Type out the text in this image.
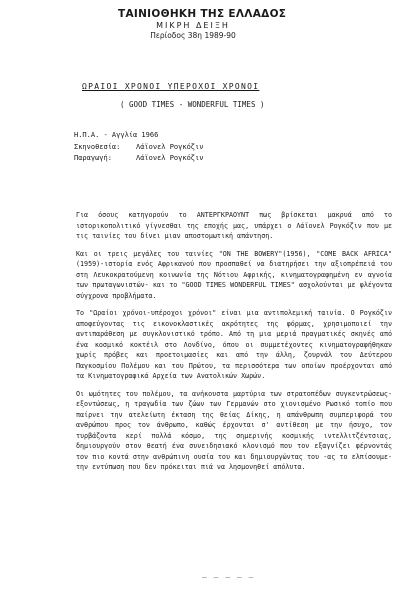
ΤΑΙΝΙΟΘΗΚΗ ΤΗΣ ΕΛΛΑΔΟΣ
ΜΙΚΡΗ ΔΕΙΞΗ
Περίοδος 38η 1989-90
ΩΡΑΙΟΙ ΧΡΟΝΟΙ ΥΠΕΡΟΧΟΙ ΧΡΟΝΟΙ
( GOOD TIMES - WONDERFUL TIMES )
Η.Π.Α. - Αγγλία 1966
Σκηνοθεσία: Λάϊονελ Ρογκόζιν
Παραγωγή:	Λάϊονελ Ρογκόζιν

Για όσους κατηγορούν το ΑΝΤΕΡΓΚΡΑΟΥΝΤ πως βρίσκεται μακρυά από το ιστορικοπολιτικό γίγνεσθαι της εποχής μας, υπάρχει ο Λάϊονελ Ρογκόζιν που με τις ταινίες του δίνει μιαν αποστομωτική απάντηση.

Και οι τρεις μεγάλες του ταινίες "ON THE BOWERY"(1956), "COME BACK AFRICA"(1959)-ιστορία ενός Αφρικανού που προσπαθεί να διατηρήσει την αξιοπρέπειά του στη Λευκοκρατούμενη κοινωνία της Νότιου Αφρικής, κινηματογραφημένη εν αγνοία των πρωταγωνιστών- και το "GOOD TIMES WONDERFUL TIMES" ασχολούνται με φλέγοντα σύγχρονα προβλήματα.

Το "Ωραίοι χρόνοι-υπέροχοι χρόνοι" είναι μια αντιπολεμική ταινία. Ο Ρογκόζιν αποφεύγοντας τις εικονοκλαστικές ακρότητες της φόρμας, χρησιμοποιεί την αντιπαράθεση με συγκλονιστικό τρόπο. Από τη μια μεριά πραγματικές σκηνές από ένα κοσμικό κοκτέιλ στο Λονδίνο, όπου οι συμμετέχοντες κινηματογραφήθηκαν χωρίς πρόβες και προετοιμασίες και από την άλλη, ζουρνάλ του Δεύτερου Παγκοσμίου Πολέμου και του Πρώτου, τα περισσότερα των οποίων προέρχονται από τα Κινηματογραφικά Αρχεία των Ανατολικών Χωρών.

Οι ωμότητες του πολέμου, τα ανήκουστα μαρτύρια των στρατοπέδων συγκεντρώσεως-εξοντώσεως, η τραγωδία των ζώων των Γερμανών στο χιονισμένο Ρωσικό τοπίο που παίρνει την ατελείωτη έκταση της θείας Δίκης, η απάνθρωπη συμπεριφορά του ανθρώπου προς τον άνθρωπο, καθώς έρχονται σ' αντίθεση με την ήσυχο, τον τυρβάζοντα κερί πολλά κόσμο, της σημερινής κοσμικής ιντελλιτζέντσιας, δημιουργούν στον θεατή ένα συνειδησιακό κλονισμό που τον εξαγνίζει φέρνοντάς τον πιο κοντά στην ανθρώπινη ουσία του και δημιουργώντας του -ας το ελπίσουμε- την εντύπωση που δεν πρόκειται πιά να λησμονηθεί απόλυτα.

_ _ _ _ _
